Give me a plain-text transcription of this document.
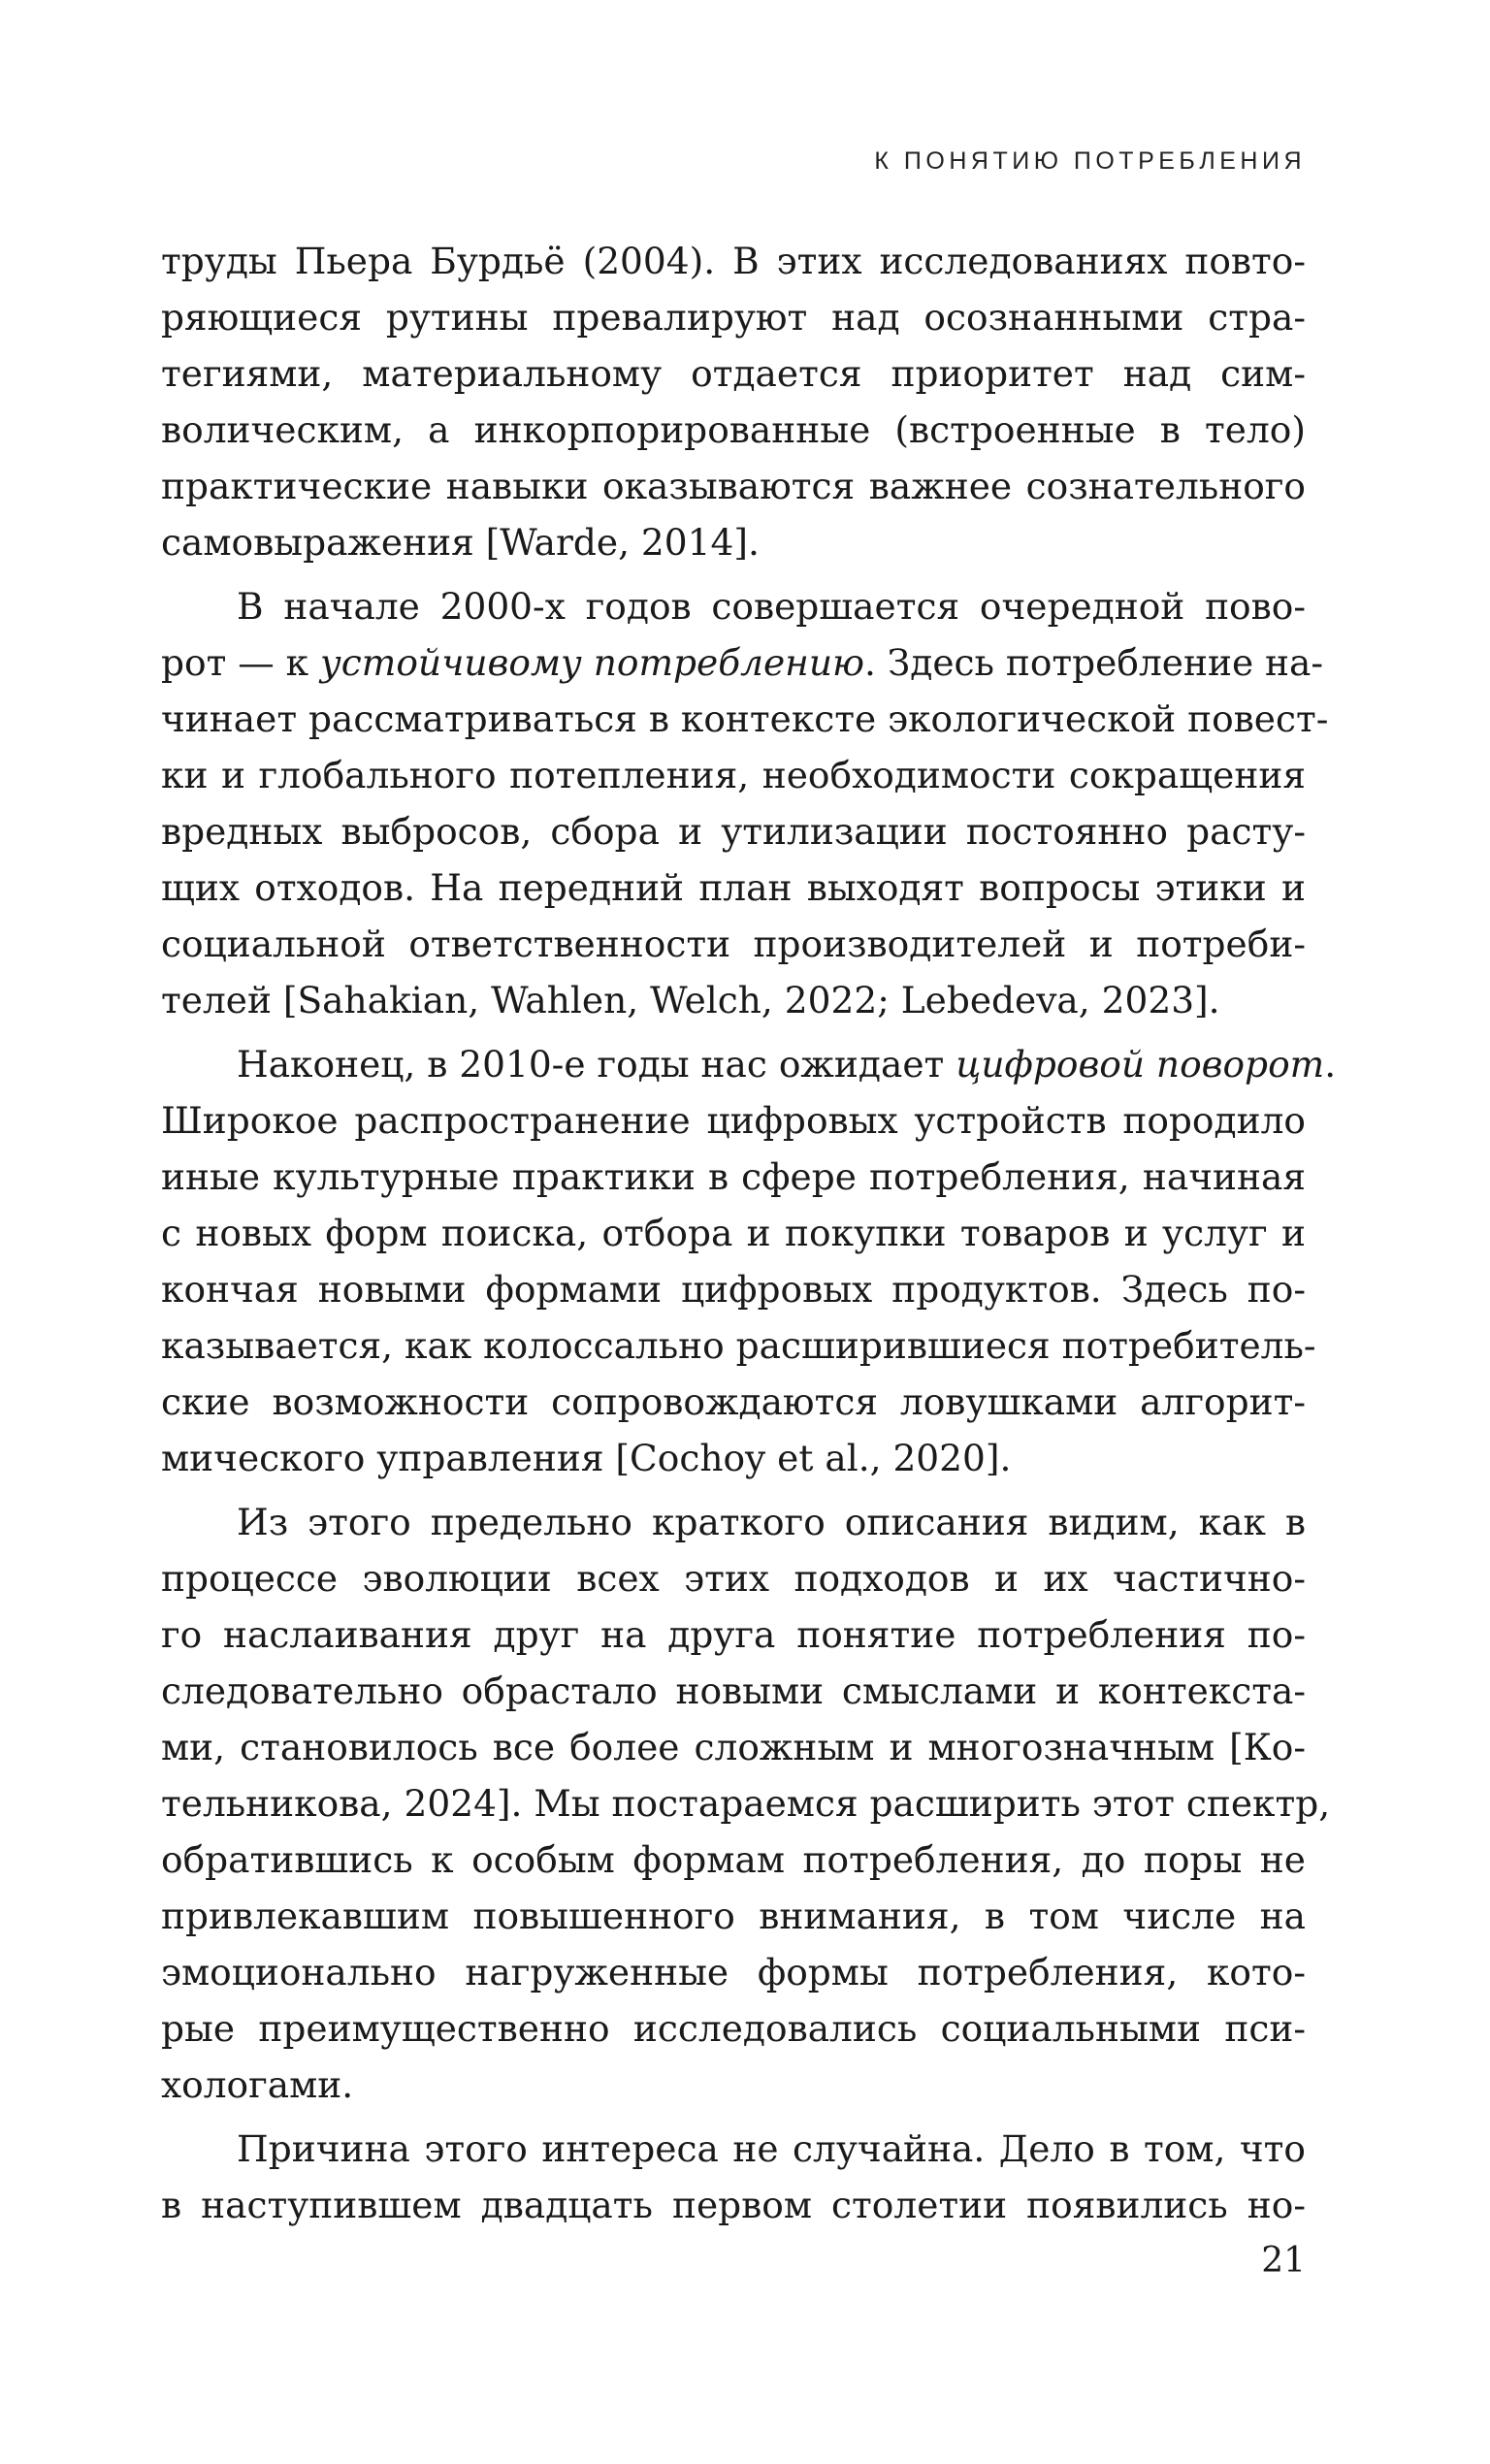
К ПОНЯТИЮ ПОТРЕБЛЕНИЯ

труды Пьера Бурдьё (2004). В этих исследованиях повто-
ряющиеся рутины превалируют над осознанными стра-
тегиями, материальному отдается приоритет над сим-
волическим, а инкорпорированные (встроенные в тело)
практические навыки оказываются важнее сознательного
самовыражения [Warde, 2014].

В начале 2000-х годов совершается очередной пово-
рот — к устойчивому потреблению. Здесь потребление на-
чинает рассматриваться в контексте экологической повест-
ки и глобального потепления, необходимости сокращения
вредных выбросов, сбора и утилизации постоянно расту-
щих отходов. На передний план выходят вопросы этики и
социальной ответственности производителей и потреби-
телей [Sahakian, Wahlen, Welch, 2022; Lebedeva, 2023].

Наконец, в 2010-е годы нас ожидает цифровой поворот.
Широкое распространение цифровых устройств породило
иные культурные практики в сфере потребления, начиная
с новых форм поиска, отбора и покупки товаров и услуг и
кончая новыми формами цифровых продуктов. Здесь по-
казывается, как колоссально расширившиеся потребитель-
ские возможности сопровождаются ловушками алгорит-
мического управления [Cochoy et al., 2020].

Из этого предельно краткого описания видим, как в
процессе эволюции всех этих подходов и их частично-
го наслаивания друг на друга понятие потребления по-
следовательно обрастало новыми смыслами и контекста-
ми, становилось все более сложным и многозначным [Ко-
тельникова, 2024]. Мы постараемся расширить этот спектр,
обратившись к особым формам потребления, до поры не
привлекавшим повышенного внимания, в том числе на
эмоционально нагруженные формы потребления, кото-
рые преимущественно исследовались социальными пси-
хологами.

Причина этого интереса не случайна. Дело в том, что
в наступившем двадцать первом столетии появились но-

21
